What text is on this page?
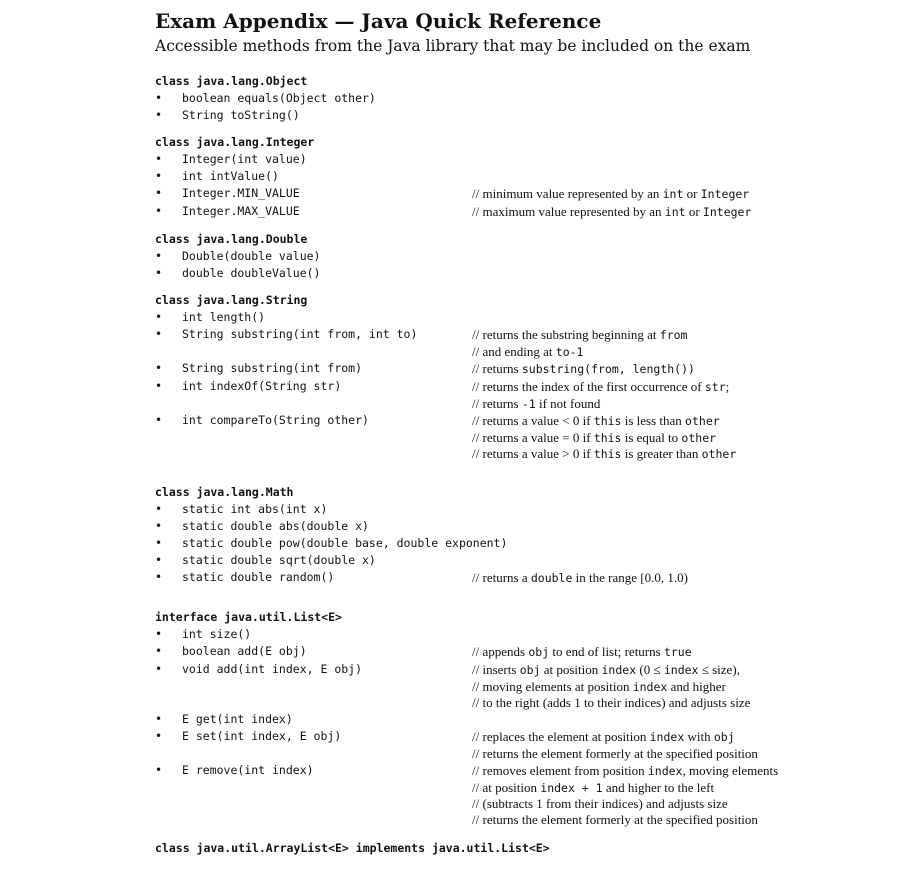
Exam Appendix — Java Quick Reference

Accessible methods from the Java library that may be included on the exam

class java.lang.Object
•	boolean equals(Object other)
•	String toString()
class java.lang.Integer
•	Integer(int value)
•	int intValue()
•	Integer.MIN_VALUE	// minimum value represented by an int or Integer
•	Integer.MAX_VALUE	// maximum value represented by an int or Integer
class java.lang.Double
•	Double(double value)
•	double doubleValue()
class java.lang.String
•	int length()
•	String substring(int from, int to)	// returns the substring beginning at from
// and ending at to-1
•	String substring(int from)	// returns substring(from, length())
•	int indexOf(String str)	// returns the index of the first occurrence of str;
// returns -1 if not found
•	int compareTo(String other)	// returns a value < 0 if this is less than other
// returns a value = 0 if this is equal to other
// returns a value > 0 if this is greater than other
class java.lang.Math
•	static int abs(int x)
•	static double abs(double x)
•	static double pow(double base, double exponent)
•	static double sqrt(double x)
•	static double random()	// returns a double in the range [0.0, 1.0)
interface java.util.List<E>
•	int size()
•	boolean add(E obj)	// appends obj to end of list; returns true
•	void add(int index, E obj)	// inserts obj at position index (0 ≤ index ≤ size),
// moving elements at position index and higher
// to the right (adds 1 to their indices) and adjusts size
•	E get(int index)
•	E set(int index, E obj)	// replaces the element at position index with obj
// returns the element formerly at the specified position
•	E remove(int index)	// removes element from position index, moving elements
// at position index + 1 and higher to the left
// (subtracts 1 from their indices) and adjusts size
// returns the element formerly at the specified position
class java.util.ArrayList<E> implements java.util.List<E>
